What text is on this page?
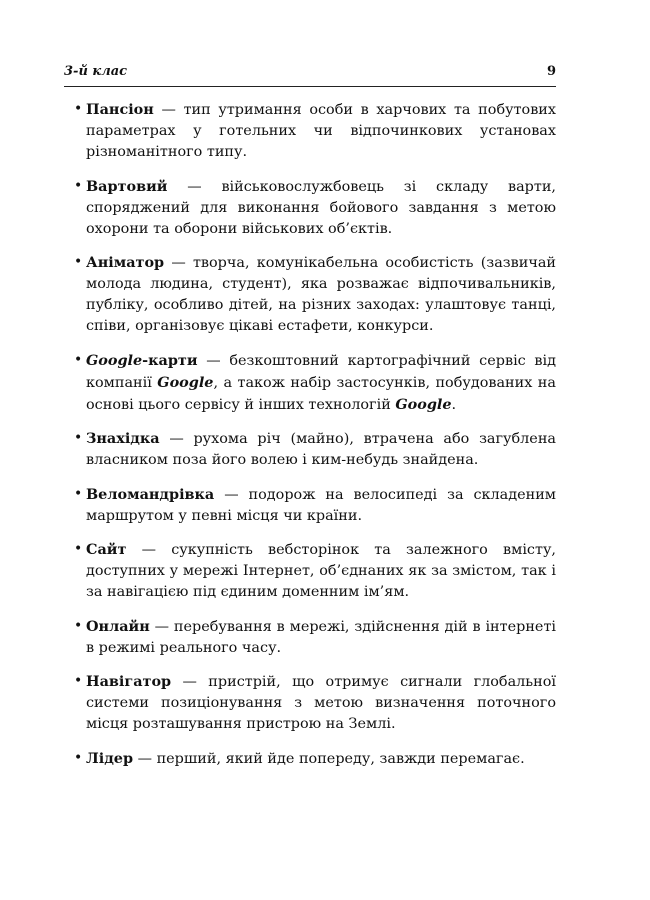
3-й клас	9
• Пансіон — тип утримання особи в харчових та побутових параметрах у готельних чи відпочинкових установах різноманітного типу.
• Вартовий — військовослужбовець зі складу варти, споряджений для виконання бойового завдання з метою охорони та оборони військових об’єктів.
• Аніматор — творча, комунікабельна особистість (зазвичай молода людина, студент), яка розважає відпочивальників, публіку, особливо дітей, на різних заходах: улаштовує танці, співи, організовує цікаві естафети, конкурси.
• Google-карти — безкоштовний картографічний сервіс від компанії Google, а також набір застосунків, побудованих на основі цього сервісу й інших технологій Google.
• Знахідка — рухома річ (майно), втрачена або загублена власником поза його волею і ким-небудь знайдена.
• Веломандрівка — подорож на велосипеді за складеним маршрутом у певні місця чи країни.
• Сайт — сукупність вебсторінок та залежного вмісту, доступних у мережі Інтернет, об’єднаних як за змістом, так і за навігацією під єдиним доменним ім’ям.
• Онлайн — перебування в мережі, здійснення дій в інтернеті в режимі реального часу.
• Навігатор — пристрій, що отримує сигнали глобальної системи позиціонування з метою визначення поточного місця розташування пристрою на Землі.
• Лідер — перший, який йде попереду, завжди перемагає.
